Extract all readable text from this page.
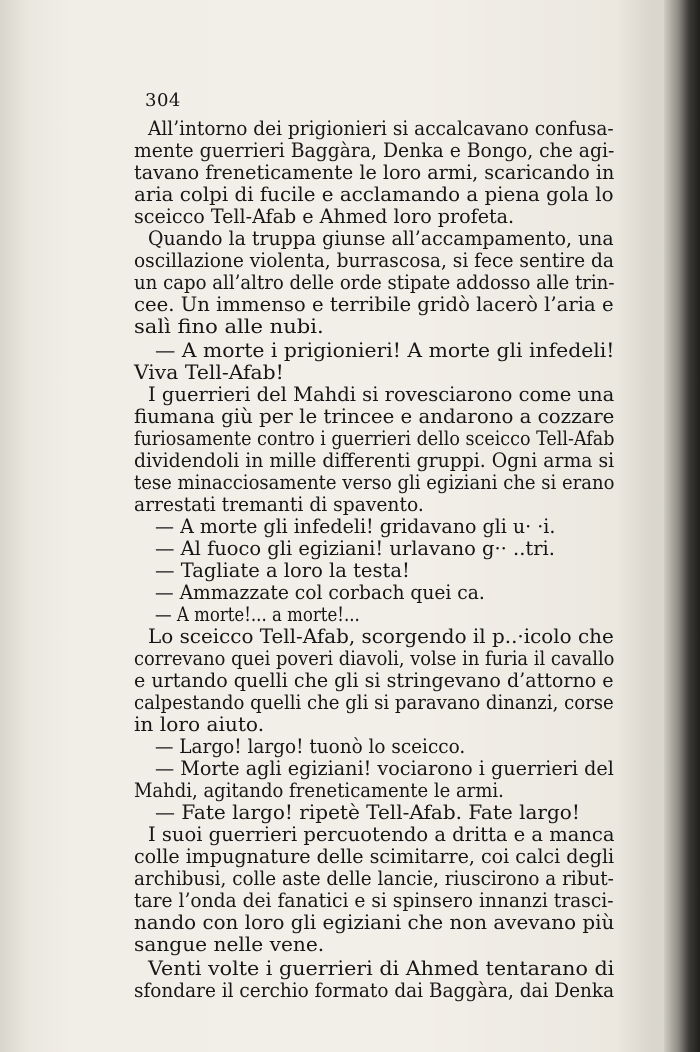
304
All’intorno dei prigionieri si accalcavano confusa-
mente guerrieri Baggàra, Denka e Bongo, che agi-
tavano freneticamente le loro armi, scaricando in
aria colpi di fucile e acclamando a piena gola lo
sceicco Tell-Afab e Ahmed loro profeta.
Quando la truppa giunse all’accampamento, una
oscillazione violenta, burrascosa, si fece sentire da
un capo all’altro delle orde stipate addosso alle trin-
cee. Un immenso e terribile gridò lacerò l’aria e
salì fino alle nubi.
— A morte i prigionieri! A morte gli infedeli!
Viva Tell-Afab!
I guerrieri del Mahdi si rovesciarono come una
fiumana giù per le trincee e andarono a cozzare
furiosamente contro i guerrieri dello sceicco Tell-Afab
dividendoli in mille differenti gruppi. Ogni arma si
tese minacciosamente verso gli egiziani che si erano
arrestati tremanti di spavento.
— A morte gli infedeli! gridavano gli u· ·i.
— Al fuoco gli egiziani! urlavano g·· ..tri.
— Tagliate a loro la testa!
— Ammazzate col corbach quei ca.
— A morte!... a morte!...
Lo sceicco Tell-Afab, scorgendo il p..·icolo che
correvano quei poveri diavoli, volse in furia il cavallo
e urtando quelli che gli si stringevano d’attorno e
calpestando quelli che gli si paravano dinanzi, corse
in loro aiuto.
— Largo! largo! tuonò lo sceicco.
— Morte agli egiziani! vociarono i guerrieri del
Mahdi, agitando freneticamente le armi.
— Fate largo! ripetè Tell-Afab. Fate largo!
I suoi guerrieri percuotendo a dritta e a manca
colle impugnature delle scimitarre, coi calci degli
archibusi, colle aste delle lancie, riuscirono a ribut-
tare l’onda dei fanatici e si spinsero innanzi trasci-
nando con loro gli egiziani che non avevano più
sangue nelle vene.
Venti volte i guerrieri di Ahmed tentarano di
sfondare il cerchio formato dai Baggàra, dai Denka
